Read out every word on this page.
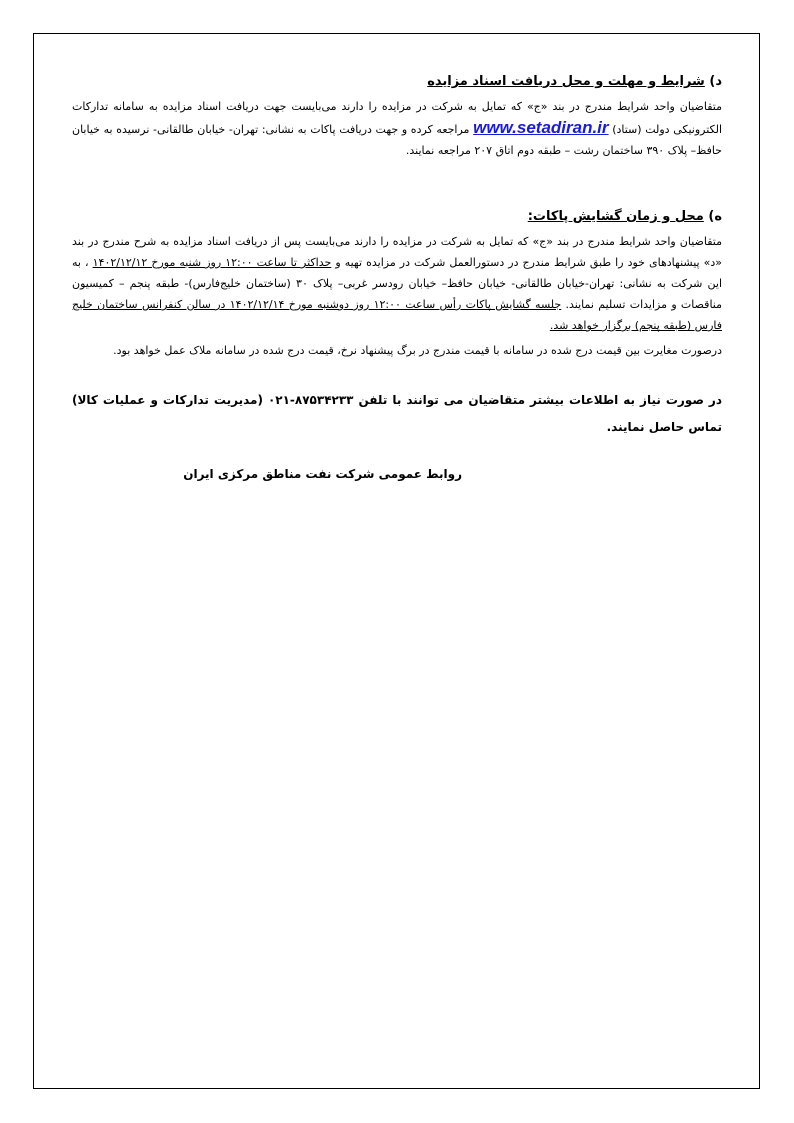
د) شرایط و مهلت و محل دریافت اسناد مزایده

متقاضیان واحد شرایط مندرج در بند «ج» که تمایل به شرکت در مزایده را دارند می‌بایست جهت دریافت اسناد مزایده به سامانه تدارکات الکترونیکی دولت (ستاد) www.setadiran.ir مراجعه کرده و جهت دریافت پاکات به نشانی: تهران- خیابان طالقانی- نرسیده به خیابان حافظ– پلاک ۳۹۰ ساختمان رشت – طبقه دوم اتاق ۲۰۷ مراجعه نمایند.

ه) محل و زمان گشایش پاکات:

متقاضیان واحد شرایط مندرج در بند «ج» که تمایل به شرکت در مزایده را دارند می‌بایست پس از دریافت اسناد مزایده به شرح مندرج در بند «د» پیشنهادهای خود را طبق شرایط مندرج در دستورالعمل شرکت در مزایده تهیه و حداکثر تا ساعت ۱۲:۰۰ روز شنبه مورخ ۱۴۰۲/۱۲/۱۲ ، به این شرکت به نشانی: تهران-خیابان طالقانی- خیابان حافظ– خیابان رودسر غربی– پلاک ۳۰ (ساختمان خلیج‌فارس)- طبقه پنجم – کمیسیون مناقصات و مزایدات تسلیم نمایند. جلسه گشایش پاکات رأس ساعت ۱۲:۰۰ روز دوشنبه مورخ ۱۴۰۲/۱۲/۱۴ در سالن کنفرانس ساختمان خلیج فارس (طبقه پنجم) برگزار خواهد شد.

درصورت مغایرت بین قیمت درج شده در سامانه با قیمت مندرج در برگ پیشنهاد نرخ، قیمت درج شده در سامانه ملاک عمل خواهد بود.

در صورت نیاز به اطلاعات بیشتر متقاضیان می توانند با تلفن ۸۷۵۳۴۲۳۳-۰۲۱ (مدیریت تدارکات و عملیات کالا) تماس حاصل نمایند.

روابط عمومی شرکت نفت مناطق مرکزی ایران
